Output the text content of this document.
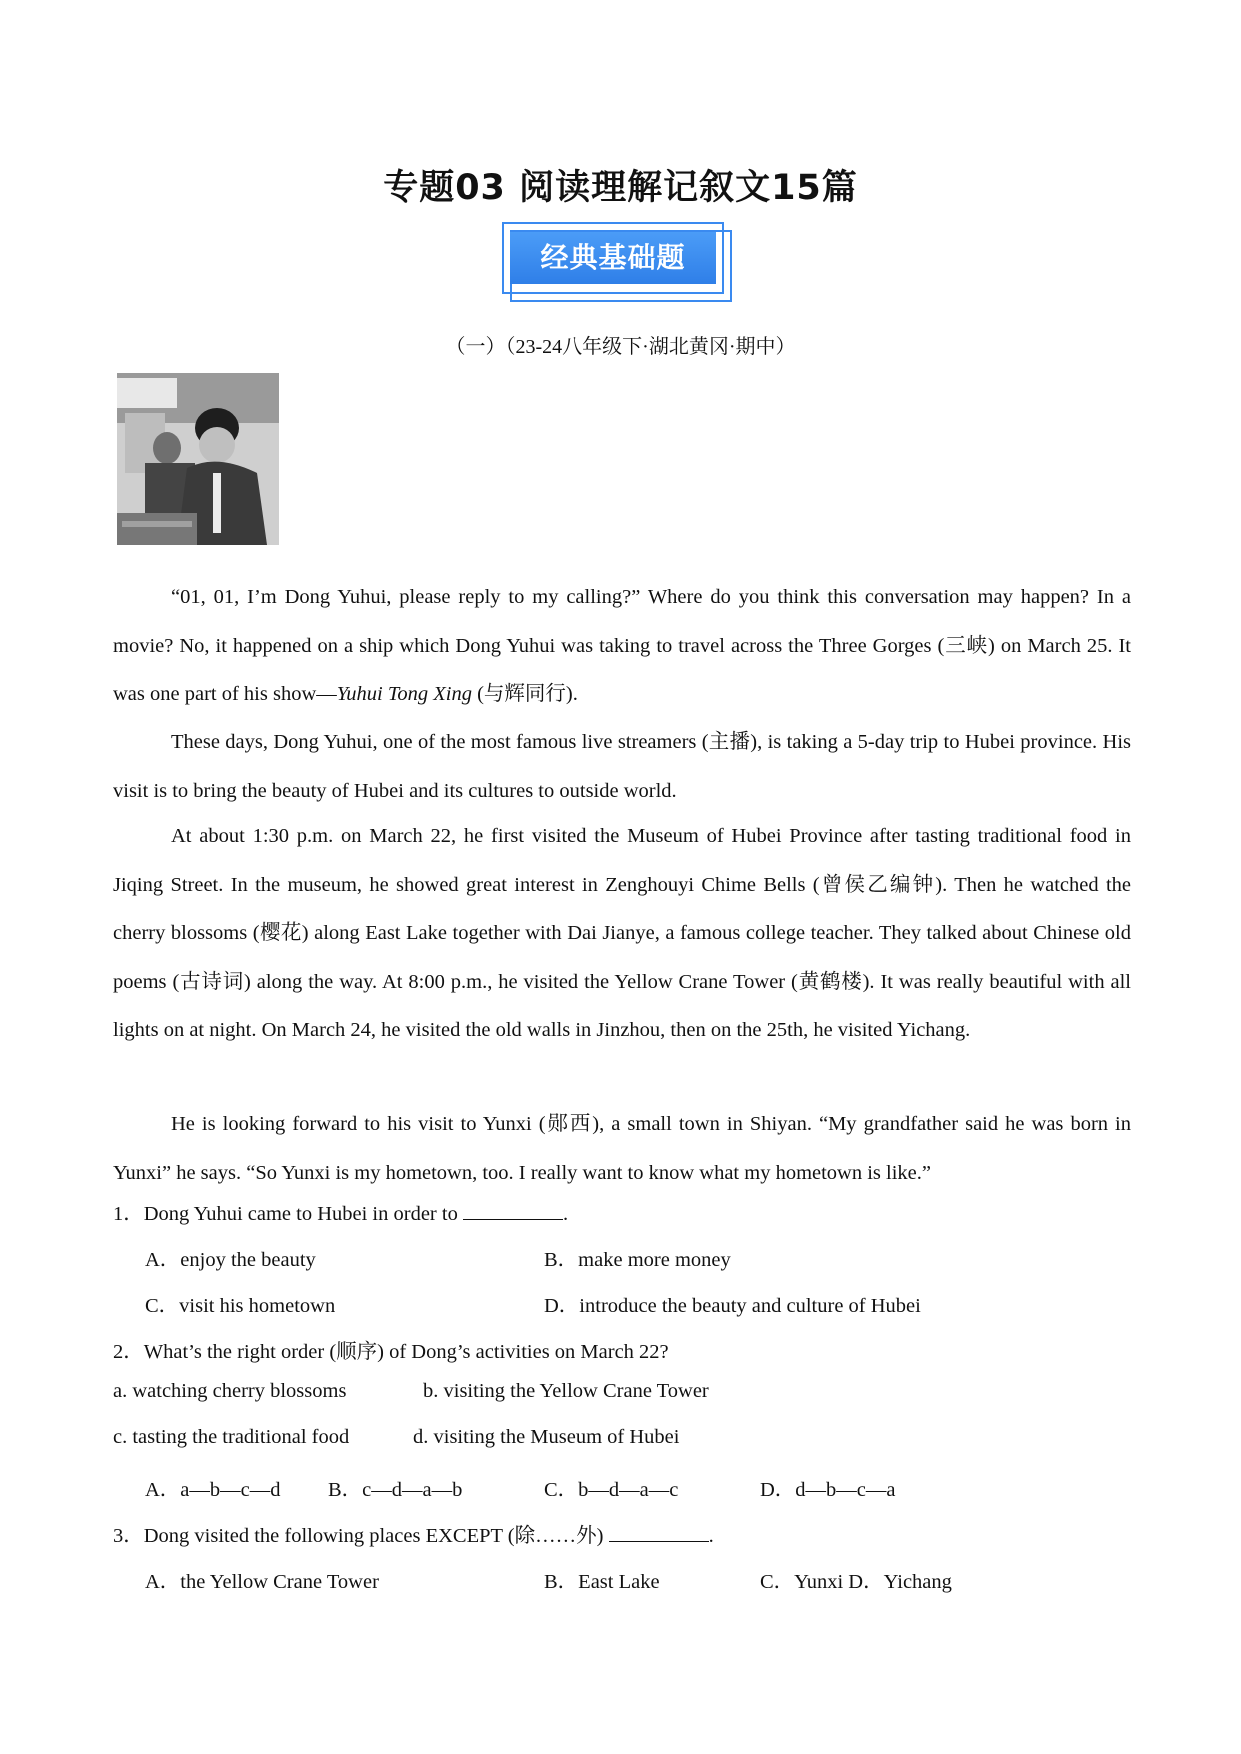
专题03 阅读理解记叙文15篇
经典基础题
（一）（23-24八年级下·湖北黄冈·期中）

“01, 01, I’m Dong Yuhui, please reply to my calling?” Where do you think this conversation may happen? In a movie? No, it happened on a ship which Dong Yuhui was taking to travel across the Three Gorges (三峡) on March 25. It was one part of his show—Yuhui Tong Xing (与辉同行).

These days, Dong Yuhui, one of the most famous live streamers (主播), is taking a 5-day trip to Hubei province. His visit is to bring the beauty of Hubei and its cultures to outside world.

At about 1:30 p.m. on March 22, he first visited the Museum of Hubei Province after tasting traditional food in Jiqing Street. In the museum, he showed great interest in Zenghouyi Chime Bells (曾侯乙编钟). Then he watched the cherry blossoms (樱花) along East Lake together with Dai Jianye, a famous college teacher. They talked about Chinese old poems (古诗词) along the way. At 8:00 p.m., he visited the Yellow Crane Tower (黄鹤楼). It was really beautiful with all lights on at night. On March 24, he visited the old walls in Jinzhou, then on the 25th, he visited Yichang.

He is looking forward to his visit to Yunxi (郧西), a small town in Shiyan. “My grandfather said he was born in Yunxi” he says. “So Yunxi is my hometown, too. I really want to know what my hometown is like.”

1．Dong Yuhui came to Hubei in order to	.
A．enjoy the beauty	B．make more money
C．visit his hometown	D．introduce the beauty and culture of Hubei
2．What’s the right order (顺序) of Dong’s activities on March 22?
a. watching cherry blossoms	b. visiting the Yellow Crane Tower
c. tasting the traditional food	d. visiting the Museum of Hubei
A．a—b—c—d B．c—d—a—b	C．b—d—a—c	D．d—b—c—a
3．Dong visited the following places EXCEPT (除……外)	.
A．the Yellow Crane Tower	B．East Lake	C．Yunxi D．Yichang
